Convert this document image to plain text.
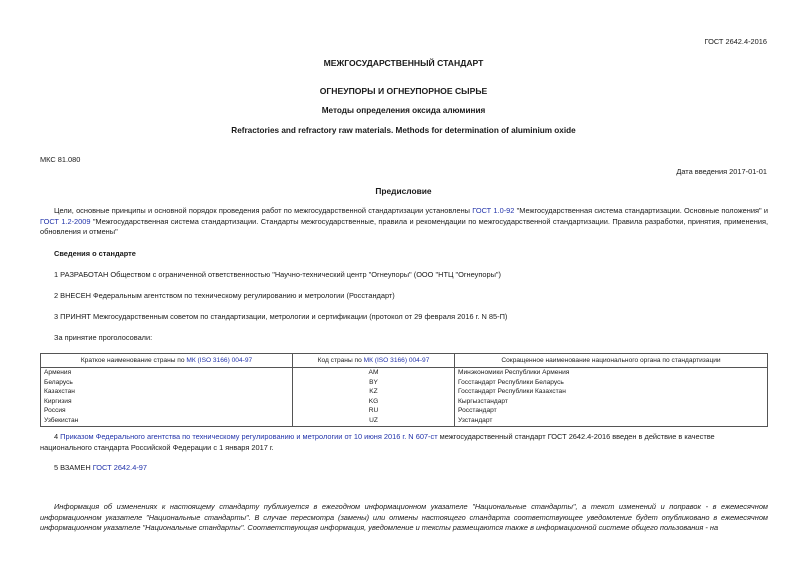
ГОСТ 2642.4-2016
МЕЖГОСУДАРСТВЕННЫЙ СТАНДАРТ
ОГНЕУПОРЫ И ОГНЕУПОРНОЕ СЫРЬЕ
Методы определения оксида алюминия
Refractories and refractory raw materials. Methods for determination of aluminium oxide
МКС 81.080
Дата введения 2017-01-01
Предисловие
Цели, основные принципы и основной порядок проведения работ по межгосударственной стандартизации установлены ГОСТ 1.0-92 "Межгосударственная система стандартизации. Основные положения" и ГОСТ 1.2-2009 "Межгосударственная система стандартизации. Стандарты межгосударственные, правила и рекомендации по межгосударственной стандартизации. Правила разработки, принятия, применения, обновления и отмены"
Сведения о стандарте
1 РАЗРАБОТАН Обществом с ограниченной ответственностью "Научно-технический центр "Огнеупоры" (ООО "НТЦ "Огнеупоры")
2 ВНЕСЕН Федеральным агентством по техническому регулированию и метрологии (Росстандарт)
3 ПРИНЯТ Межгосударственным советом по стандартизации, метрологии и сертификации (протокол от 29 февраля 2016 г. N 85-П)
За принятие проголосовали:
Краткое наименование страны по МК (ISO 3166) 004-97	Код страны по МК (ISO 3166) 004-97	Сокращенное наименование национального органа по стандартизации
Армения	AM	Минэкономики Республики Армения
Беларусь	BY	Госстандарт Республики Беларусь
Казахстан	KZ	Госстандарт Республики Казахстан
Киргизия	KG	Кыргызстандарт
Россия	RU	Росстандарт
Узбекистан	UZ	Узстандарт
4 Приказом Федерального агентства по техническому регулированию и метрологии от 10 июня 2016 г. N 607-ст межгосударственный стандарт ГОСТ 2642.4-2016 введен в действие в качестве национального стандарта Российской Федерации с 1 января 2017 г.
5 ВЗАМЕН ГОСТ 2642.4-97
Информация об изменениях к настоящему стандарту публикуется в ежегодном информационном указателе "Национальные стандарты", а текст изменений и поправок - в ежемесячном информационном указателе "Национальные стандарты". В случае пересмотра (замены) или отмены настоящего стандарта соответствующее уведомление будет опубликовано в ежемесячном информационном указателе "Национальные стандарты". Соответствующая информация, уведомление и тексты размещаются также в информационной системе общего пользования - на
